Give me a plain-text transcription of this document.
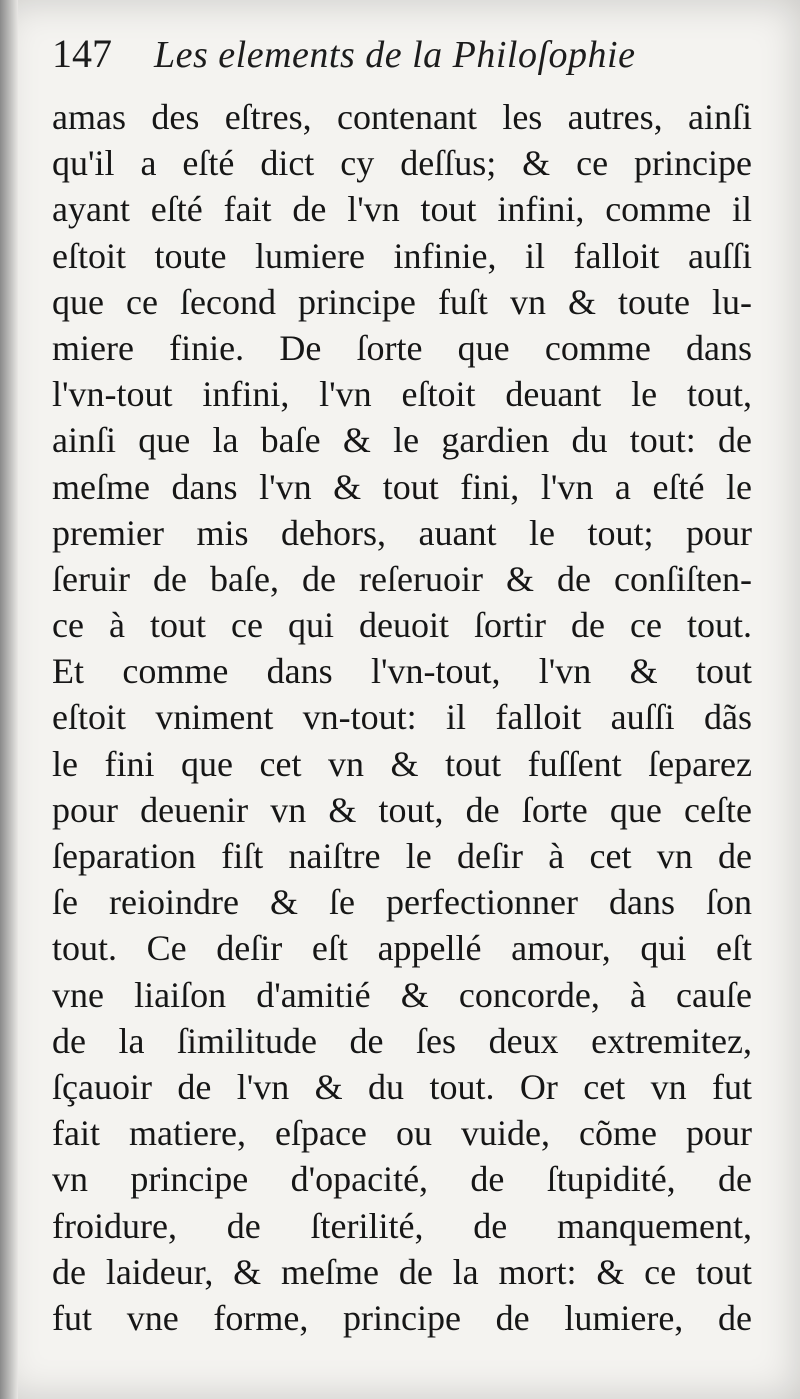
147 Les elements de la Philoſophie
amas des eſtres, contenant les autres, ainſi
qu'il a eſté dict cy deſſus; & ce principe
ayant eſté fait de l'vn tout infini, comme il
eſtoit toute lumiere infinie, il falloit auſſi
que ce ſecond principe fuſt vn & toute lu-
miere finie. De ſorte que comme dans
l'vn-tout infini, l'vn eſtoit deuant le tout,
ainſi que la baſe & le gardien du tout: de
meſme dans l'vn & tout fini, l'vn a eſté le
premier mis dehors, auant le tout; pour
ſeruir de baſe, de reſeruoir & de conſiſten-
ce à tout ce qui deuoit ſortir de ce tout.
Et comme dans l'vn-tout, l'vn & tout
eſtoit vniment vn-tout: il falloit auſſi dãs
le fini que cet vn & tout fuſſent ſeparez
pour deuenir vn & tout, de ſorte que ceſte
ſeparation fiſt naiſtre le deſir à cet vn de
ſe reioindre & ſe perfectionner dans ſon
tout. Ce deſir eſt appellé amour, qui eſt
vne liaiſon d'amitié & concorde, à cauſe
de la ſimilitude de ſes deux extremitez,
ſçauoir de l'vn & du tout. Or cet vn fut
fait matiere, eſpace ou vuide, cõme pour
vn principe d'opacité, de ſtupidité, de
froidure, de ſterilité, de manquement,
de laideur, & meſme de la mort: & ce tout
fut vne forme, principe de lumiere, de
